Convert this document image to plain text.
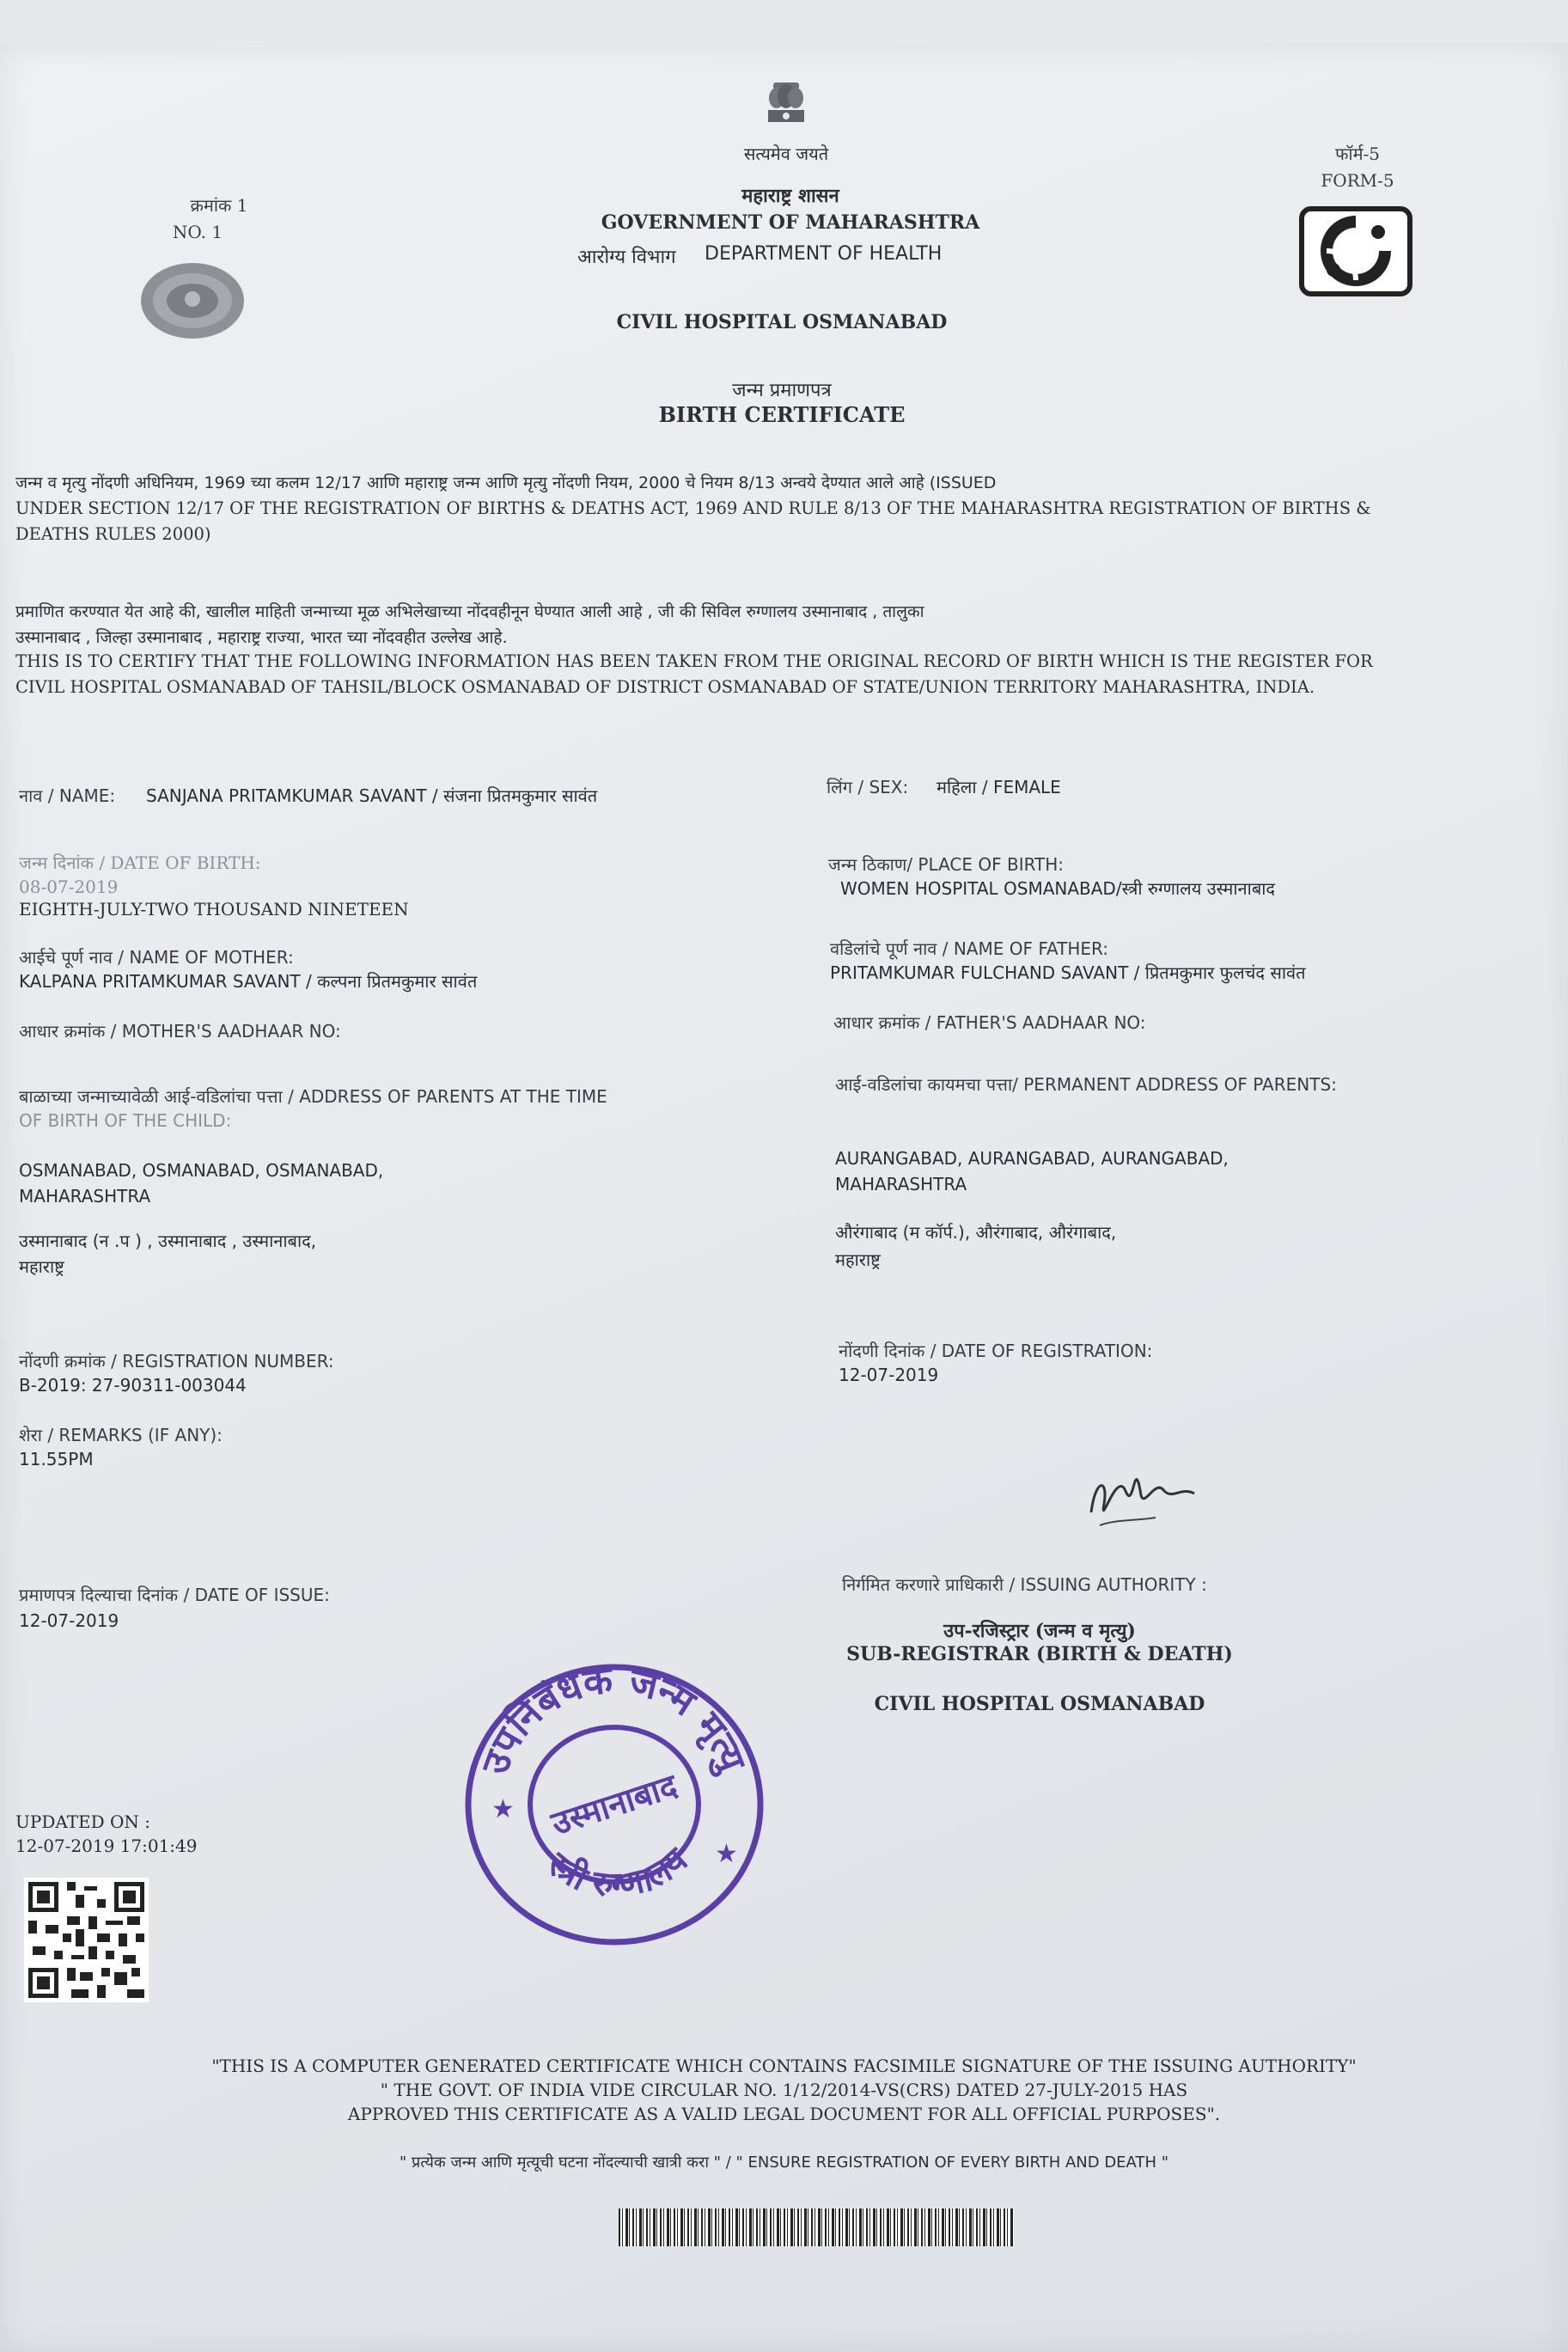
सत्यमेव जयते
क्रमांक 1
NO. 1
फॉर्म-5
FORM-5
महाराष्ट्र शासन
GOVERNMENT OF MAHARASHTRA
आरोग्य विभाग	DEPARTMENT OF HEALTH
CIVIL HOSPITAL OSMANABAD
जन्म प्रमाणपत्र
BIRTH CERTIFICATE
जन्म व मृत्यु नोंदणी अधिनियम, 1969 च्या कलम 12/17 आणि महाराष्ट्र जन्म आणि मृत्यु नोंदणी नियम, 2000 चे नियम 8/13 अन्वये देण्यात आले आहे (ISSUED
UNDER SECTION 12/17 OF THE REGISTRATION OF BIRTHS & DEATHS ACT, 1969 AND RULE 8/13 OF THE MAHARASHTRA REGISTRATION OF BIRTHS &
DEATHS RULES 2000)
प्रमाणित करण्यात येत आहे की, खालील माहिती जन्माच्या मूळ अभिलेखाच्या नोंदवहीनून घेण्यात आली आहे , जी की सिविल रुग्णालय उस्मानाबाद , तालुका
उस्मानाबाद , जिल्हा उस्मानाबाद , महाराष्ट्र राज्या, भारत च्या नोंदवहीत उल्लेख आहे.
THIS IS TO CERTIFY THAT THE FOLLOWING INFORMATION HAS BEEN TAKEN FROM THE ORIGINAL RECORD OF BIRTH WHICH IS THE REGISTER FOR
CIVIL HOSPITAL OSMANABAD OF TAHSIL/BLOCK OSMANABAD OF DISTRICT OSMANABAD OF STATE/UNION TERRITORY MAHARASHTRA, INDIA.
नाव / NAME:	SANJANA PRITAMKUMAR SAVANT / संजना प्रितमकुमार सावंत	लिंग / SEX:	महिला / FEMALE
जन्म दिनांक / DATE OF BIRTH:
08-07-2019
EIGHTH-JULY-TWO THOUSAND NINETEEN
जन्म ठिकाण/ PLACE OF BIRTH:
WOMEN HOSPITAL OSMANABAD/स्त्री रुग्णालय उस्मानाबाद
आईचे पूर्ण नाव / NAME OF MOTHER:
KALPANA PRITAMKUMAR SAVANT / कल्पना प्रितमकुमार सावंत
वडिलांचे पूर्ण नाव / NAME OF FATHER:
PRITAMKUMAR FULCHAND SAVANT / प्रितमकुमार फुलचंद सावंत
आधार क्रमांक / MOTHER'S AADHAAR NO:	आधार क्रमांक / FATHER'S AADHAAR NO:
बाळाच्या जन्माच्यावेळी आई-वडिलांचा पत्ता / ADDRESS OF PARENTS AT THE TIME
OF BIRTH OF THE CHILD:
OSMANABAD, OSMANABAD, OSMANABAD,
MAHARASHTRA
उस्मानाबाद (न .प ) , उस्मानाबाद , उस्मानाबाद,
महाराष्ट्र
आई-वडिलांचा कायमचा पत्ता/ PERMANENT ADDRESS OF PARENTS:
AURANGABAD, AURANGABAD, AURANGABAD,
MAHARASHTRA
औरंगाबाद (म कॉर्प.), औरंगाबाद, औरंगाबाद,
महाराष्ट्र
नोंदणी क्रमांक / REGISTRATION NUMBER:
B-2019: 27-90311-003044
नोंदणी दिनांक / DATE OF REGISTRATION:
12-07-2019
शेरा / REMARKS (IF ANY):
11.55PM
प्रमाणपत्र दिल्याचा दिनांक / DATE OF ISSUE:
12-07-2019
निर्गमित करणारे प्राधिकारी / ISSUING AUTHORITY :
उप-रजिस्ट्रार (जन्म व मृत्यु)
SUB-REGISTRAR (BIRTH & DEATH)
CIVIL HOSPITAL OSMANABAD
उपनिबंधक जन्म मृत्यु
स्त्री रुग्णालय
उस्मानाबाद
★
★
UPDATED ON :
12-07-2019 17:01:49
"THIS IS A COMPUTER GENERATED CERTIFICATE WHICH CONTAINS FACSIMILE SIGNATURE OF THE ISSUING AUTHORITY"
" THE GOVT. OF INDIA VIDE CIRCULAR NO. 1/12/2014-VS(CRS) DATED 27-JULY-2015 HAS
APPROVED THIS CERTIFICATE AS A VALID LEGAL DOCUMENT FOR ALL OFFICIAL PURPOSES".
" प्रत्येक जन्म आणि मृत्यूची घटना नोंदल्याची खात्री करा " / " ENSURE REGISTRATION OF EVERY BIRTH AND DEATH "
